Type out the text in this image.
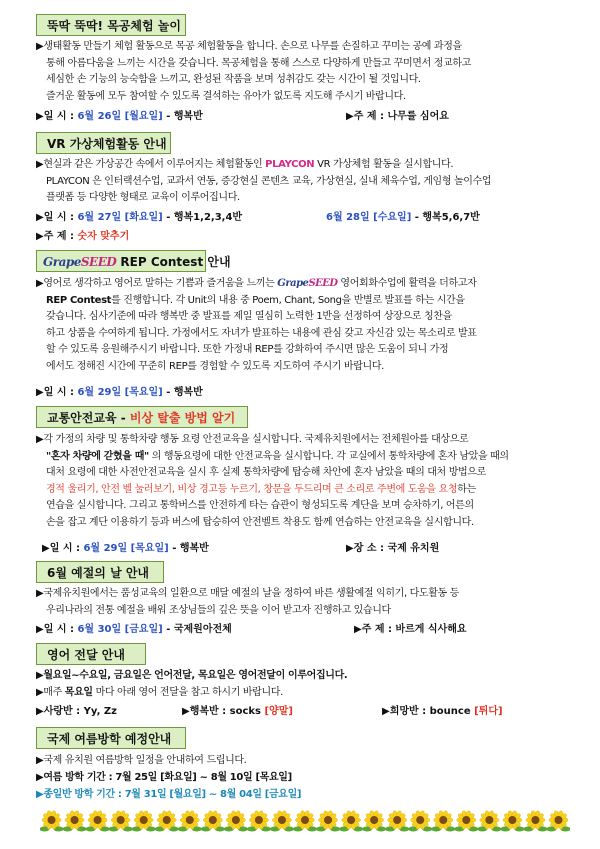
뚝딱 뚝딱! 목공체험 놀이
▶생태활동 만들기 체험 활동으로 목공 체험활동을 합니다. 손으로 나무를 손질하고 꾸미는 공예 과정을
통해 아름다움을 느끼는 시간을 갖습니다. 목공체험을 통해 스스로 다양하게 만들고 꾸미면서 정교하고
세심한 손 기능의 능숙함을 느끼고, 완성된 작품을 보며 성취감도 갖는 시간이 될 것입니다.
즐거운 활동에 모두 참여할 수 있도록 결석하는 유아가 없도록 지도해 주시기 바랍니다.
▶일 시 : 6월 26일 [월요일] - 행복반	▶주 제 : 나무를 심어요
VR 가상체험활동 안내
▶현실과 같은 가상공간 속에서 이루어지는 체험활동인 PLAYCON VR 가상체험 활동을 실시합니다.
PLAYCON 은 인터랙션수업, 교과서 연동, 증강현실 콘텐츠 교육, 가상현실, 실내 체육수업, 게임형 놀이수업
플랫폼 등 다양한 형태로 교육이 이루어집니다.
▶일 시 : 6월 27일 [화요일] - 행복1,2,3,4반	6월 28일 [수요일] - 행복5,6,7반
▶주 제 : 숫자 맞추기
GrapeSEED REP Contest 안내
▶영어로 생각하고 영어로 말하는 기쁨과 즐거움을 느끼는 GrapeSEED 영어회화수업에 활력을 더하고자
REP Contest를 진행합니다. 각 Unit의 내용 중 Poem, Chant, Song을 반별로 발표를 하는 시간을
갖습니다. 심사기준에 따라 행복반 중 발표를 제일 열심히 노력한 1반을 선정하여 상장으로 칭찬을
하고 상품을 수여하게 됩니다. 가정에서도 자녀가 발표하는 내용에 관심 갖고 자신감 있는 목소리로 발표
할 수 있도록 응원해주시기 바랍니다. 또한 가정내 REP를 강화하여 주시면 많은 도움이 되니 가정
에서도 정해진 시간에 꾸준히 REP를 경험할 수 있도록 지도하여 주시기 바랍니다.
▶일 시 : 6월 29일 [목요일] - 행복반
교통안전교육 - 비상 탈출 방법 알기
▶각 가정의 차량 및 통학차량 행동 요령 안전교육을 실시합니다. 국제유치원에서는 전체원아를 대상으로
"혼자 차량에 갇혔을 때" 의 행동요령에 대한 안전교육을 실시합니다. 각 교실에서 통학차량에 혼자 남았을 때의
대처 요령에 대한 사전안전교육을 실시 후 실제 통학차량에 탑승해 차안에 혼자 남았을 때의 대처 방법으로
경적 울리기, 안전 벨 눌러보기, 비상 경고등 누르기, 창문을 두드리며 큰 소리로 주변에 도움을 요청하는
연습을 실시합니다. 그리고 통학버스를 안전하게 타는 습관이 형성되도록 계단을 보며 승차하기, 어른의
손을 잡고 계단 이용하기 등과 버스에 탑승하여 안전벨트 착용도 함께 연습하는 안전교육을 실시합니다.
▶일 시 : 6월 29일 [목요일] - 행복반	▶장 소 : 국제 유치원
6월 예절의 날 안내
▶국제유치원에서는 품성교육의 일환으로 매달 예절의 날을 정하여 바른 생활예절 익히기, 다도활동 등
우리나라의 전통 예절을 배워 조상님들의 깊은 뜻을 이어 받고자 진행하고 있습니다
▶일 시 : 6월 30일 [금요일] - 국제원아전체	▶주 제 : 바르게 식사해요
영어 전달 안내
▶월요일~수요일, 금요일은 언어전달, 목요일은 영어전달이 이루어집니다.
▶매주 목요일 마다 아래 영어 전달을 참고 하시기 바랍니다.
▶사랑반 : Yy, Zz	▶행복반 : socks [양말]	▶희망반 : bounce [튀다]
국제 여름방학 예정안내
▶국제 유치원 여름방학 일정을 안내하여 드립니다.
▶여름 방학 기간 : 7월 25일 [화요일] ~ 8월 10일 [목요일]
▶종일반 방학 기간 : 7월 31일 [월요일] ~ 8월 04일 [금요일]
